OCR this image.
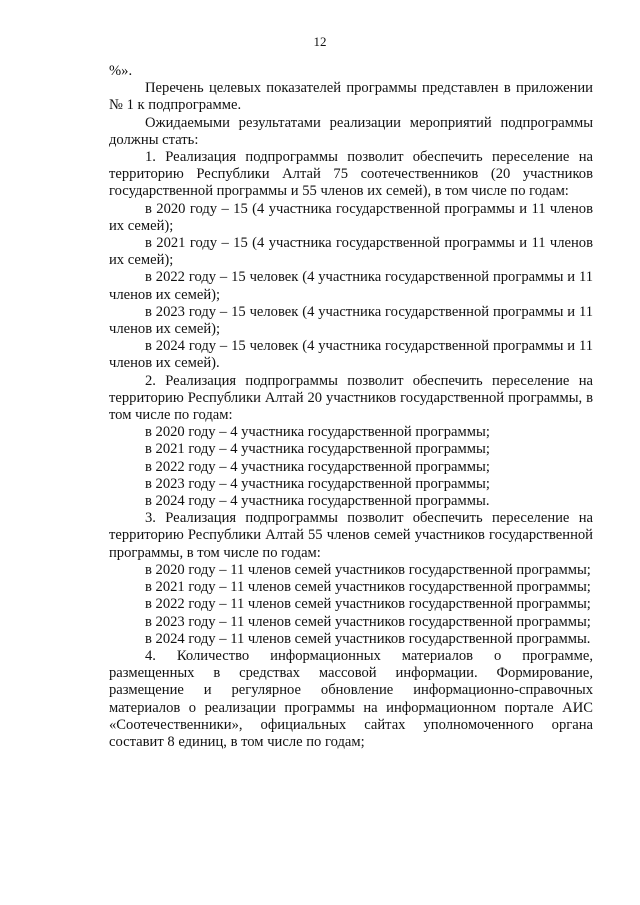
12

%».

Перечень целевых показателей программы представлен в приложении № 1 к подпрограмме.

Ожидаемыми результатами реализации мероприятий подпрограммы должны стать:

1. Реализация подпрограммы позволит обеспечить переселение на территорию Республики Алтай 75 соотечественников (20 участников государственной программы и 55 членов их семей), в том числе по годам:

в 2020 году – 15 (4 участника государственной программы и 11 членов их семей);

в 2021 году – 15 (4 участника государственной программы и 11 членов их семей);

в 2022 году – 15 человек (4 участника государственной программы и 11 членов их семей);

в 2023 году – 15 человек (4 участника государственной программы и 11 членов их семей);

в 2024 году – 15 человек (4 участника государственной программы и 11 членов их семей).

2. Реализация подпрограммы позволит обеспечить переселение на территорию Республики Алтай 20 участников государственной программы, в том числе по годам:

в 2020 году – 4 участника государственной программы;

в 2021 году – 4 участника государственной программы;

в 2022 году – 4 участника государственной программы;

в 2023 году – 4 участника государственной программы;

в 2024 году – 4 участника государственной программы.

3. Реализация подпрограммы позволит обеспечить переселение на территорию Республики Алтай 55 членов семей участников государственной программы, в том числе по годам:

в 2020 году – 11 членов семей участников государственной программы;

в 2021 году – 11 членов семей участников государственной программы;

в 2022 году – 11 членов семей участников государственной программы;

в 2023 году – 11 членов семей участников государственной программы;

в 2024 году – 11 членов семей участников государственной программы.

4. Количество информационных материалов о программе, размещенных в средствах массовой информации. Формирование, размещение и регулярное обновление информационно-справочных материалов о реализации программы на информационном портале АИС «Соотечественники», официальных сайтах уполномоченного органа составит 8 единиц, в том числе по годам;
